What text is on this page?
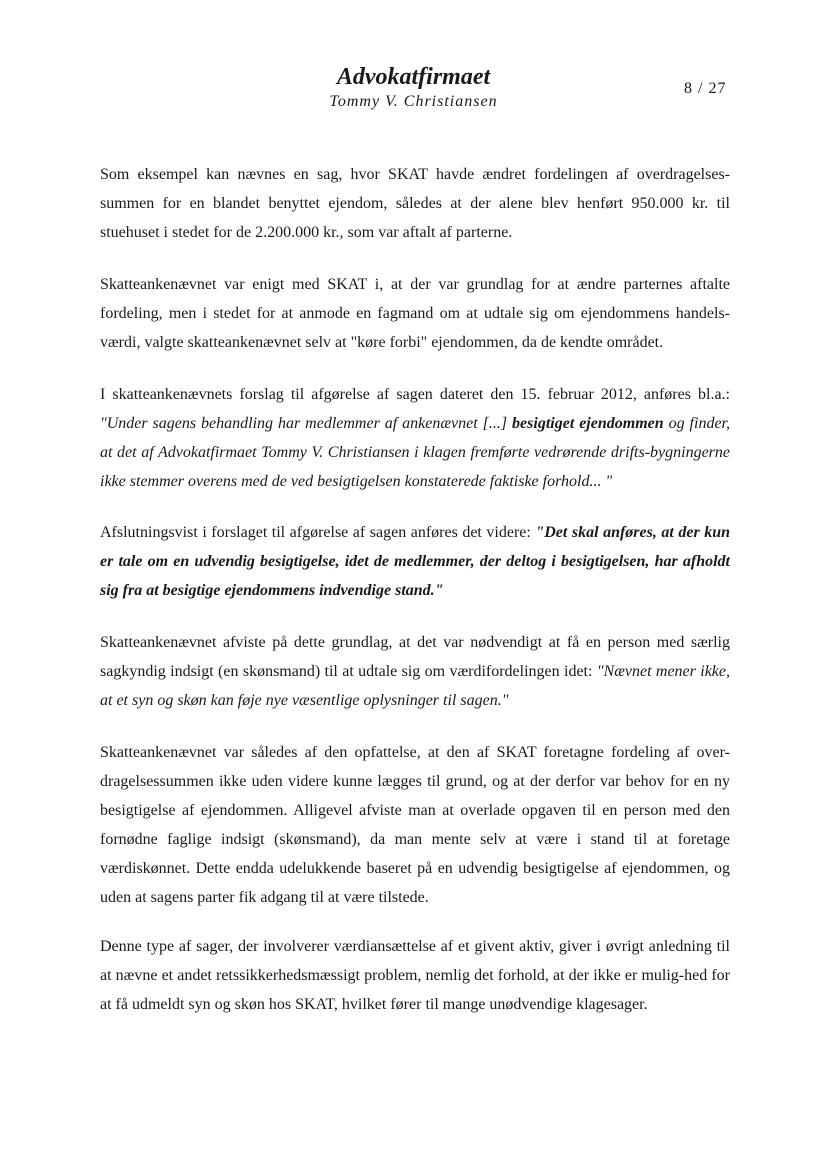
Advokatfirmaet
Tommy V. Christiansen
8 / 27

Som eksempel kan nævnes en sag, hvor SKAT havde ændret fordelingen af overdragelses-summen for en blandet benyttet ejendom, således at der alene blev henført 950.000 kr. til stuehuset i stedet for de 2.200.000 kr., som var aftalt af parterne.

Skatteankenævnet var enigt med SKAT i, at der var grundlag for at ændre parternes aftalte fordeling, men i stedet for at anmode en fagmand om at udtale sig om ejendommens handels-værdi, valgte skatteankenævnet selv at "køre forbi" ejendommen, da de kendte området.

I skatteankenævnets forslag til afgørelse af sagen dateret den 15. februar 2012, anføres bl.a.: "Under sagens behandling har medlemmer af ankenævnet [...] besigtiget ejendommen og finder, at det af Advokatfirmaet Tommy V. Christiansen i klagen fremførte vedrørende drifts-bygningerne ikke stemmer overens med de ved besigtigelsen konstaterede faktiske forhold... "

Afslutningsvist i forslaget til afgørelse af sagen anføres det videre: "Det skal anføres, at der kun er tale om en udvendig besigtigelse, idet de medlemmer, der deltog i besigtigelsen, har afholdt sig fra at besigtige ejendommens indvendige stand."

Skatteankenævnet afviste på dette grundlag, at det var nødvendigt at få en person med særlig sagkyndig indsigt (en skønsmand) til at udtale sig om værdifordelingen idet: "Nævnet mener ikke, at et syn og skøn kan føje nye væsentlige oplysninger til sagen."

Skatteankenævnet var således af den opfattelse, at den af SKAT foretagne fordeling af over-dragelsessummen ikke uden videre kunne lægges til grund, og at der derfor var behov for en ny besigtigelse af ejendommen. Alligevel afviste man at overlade opgaven til en person med den fornødne faglige indsigt (skønsmand), da man mente selv at være i stand til at foretage værdiskønnet. Dette endda udelukkende baseret på en udvendig besigtigelse af ejendommen, og uden at sagens parter fik adgang til at være tilstede.

Denne type af sager, der involverer værdiansættelse af et givent aktiv, giver i øvrigt anledning til at nævne et andet retssikkerhedsmæssigt problem, nemlig det forhold, at der ikke er mulig-hed for at få udmeldt syn og skøn hos SKAT, hvilket fører til mange unødvendige klagesager.
